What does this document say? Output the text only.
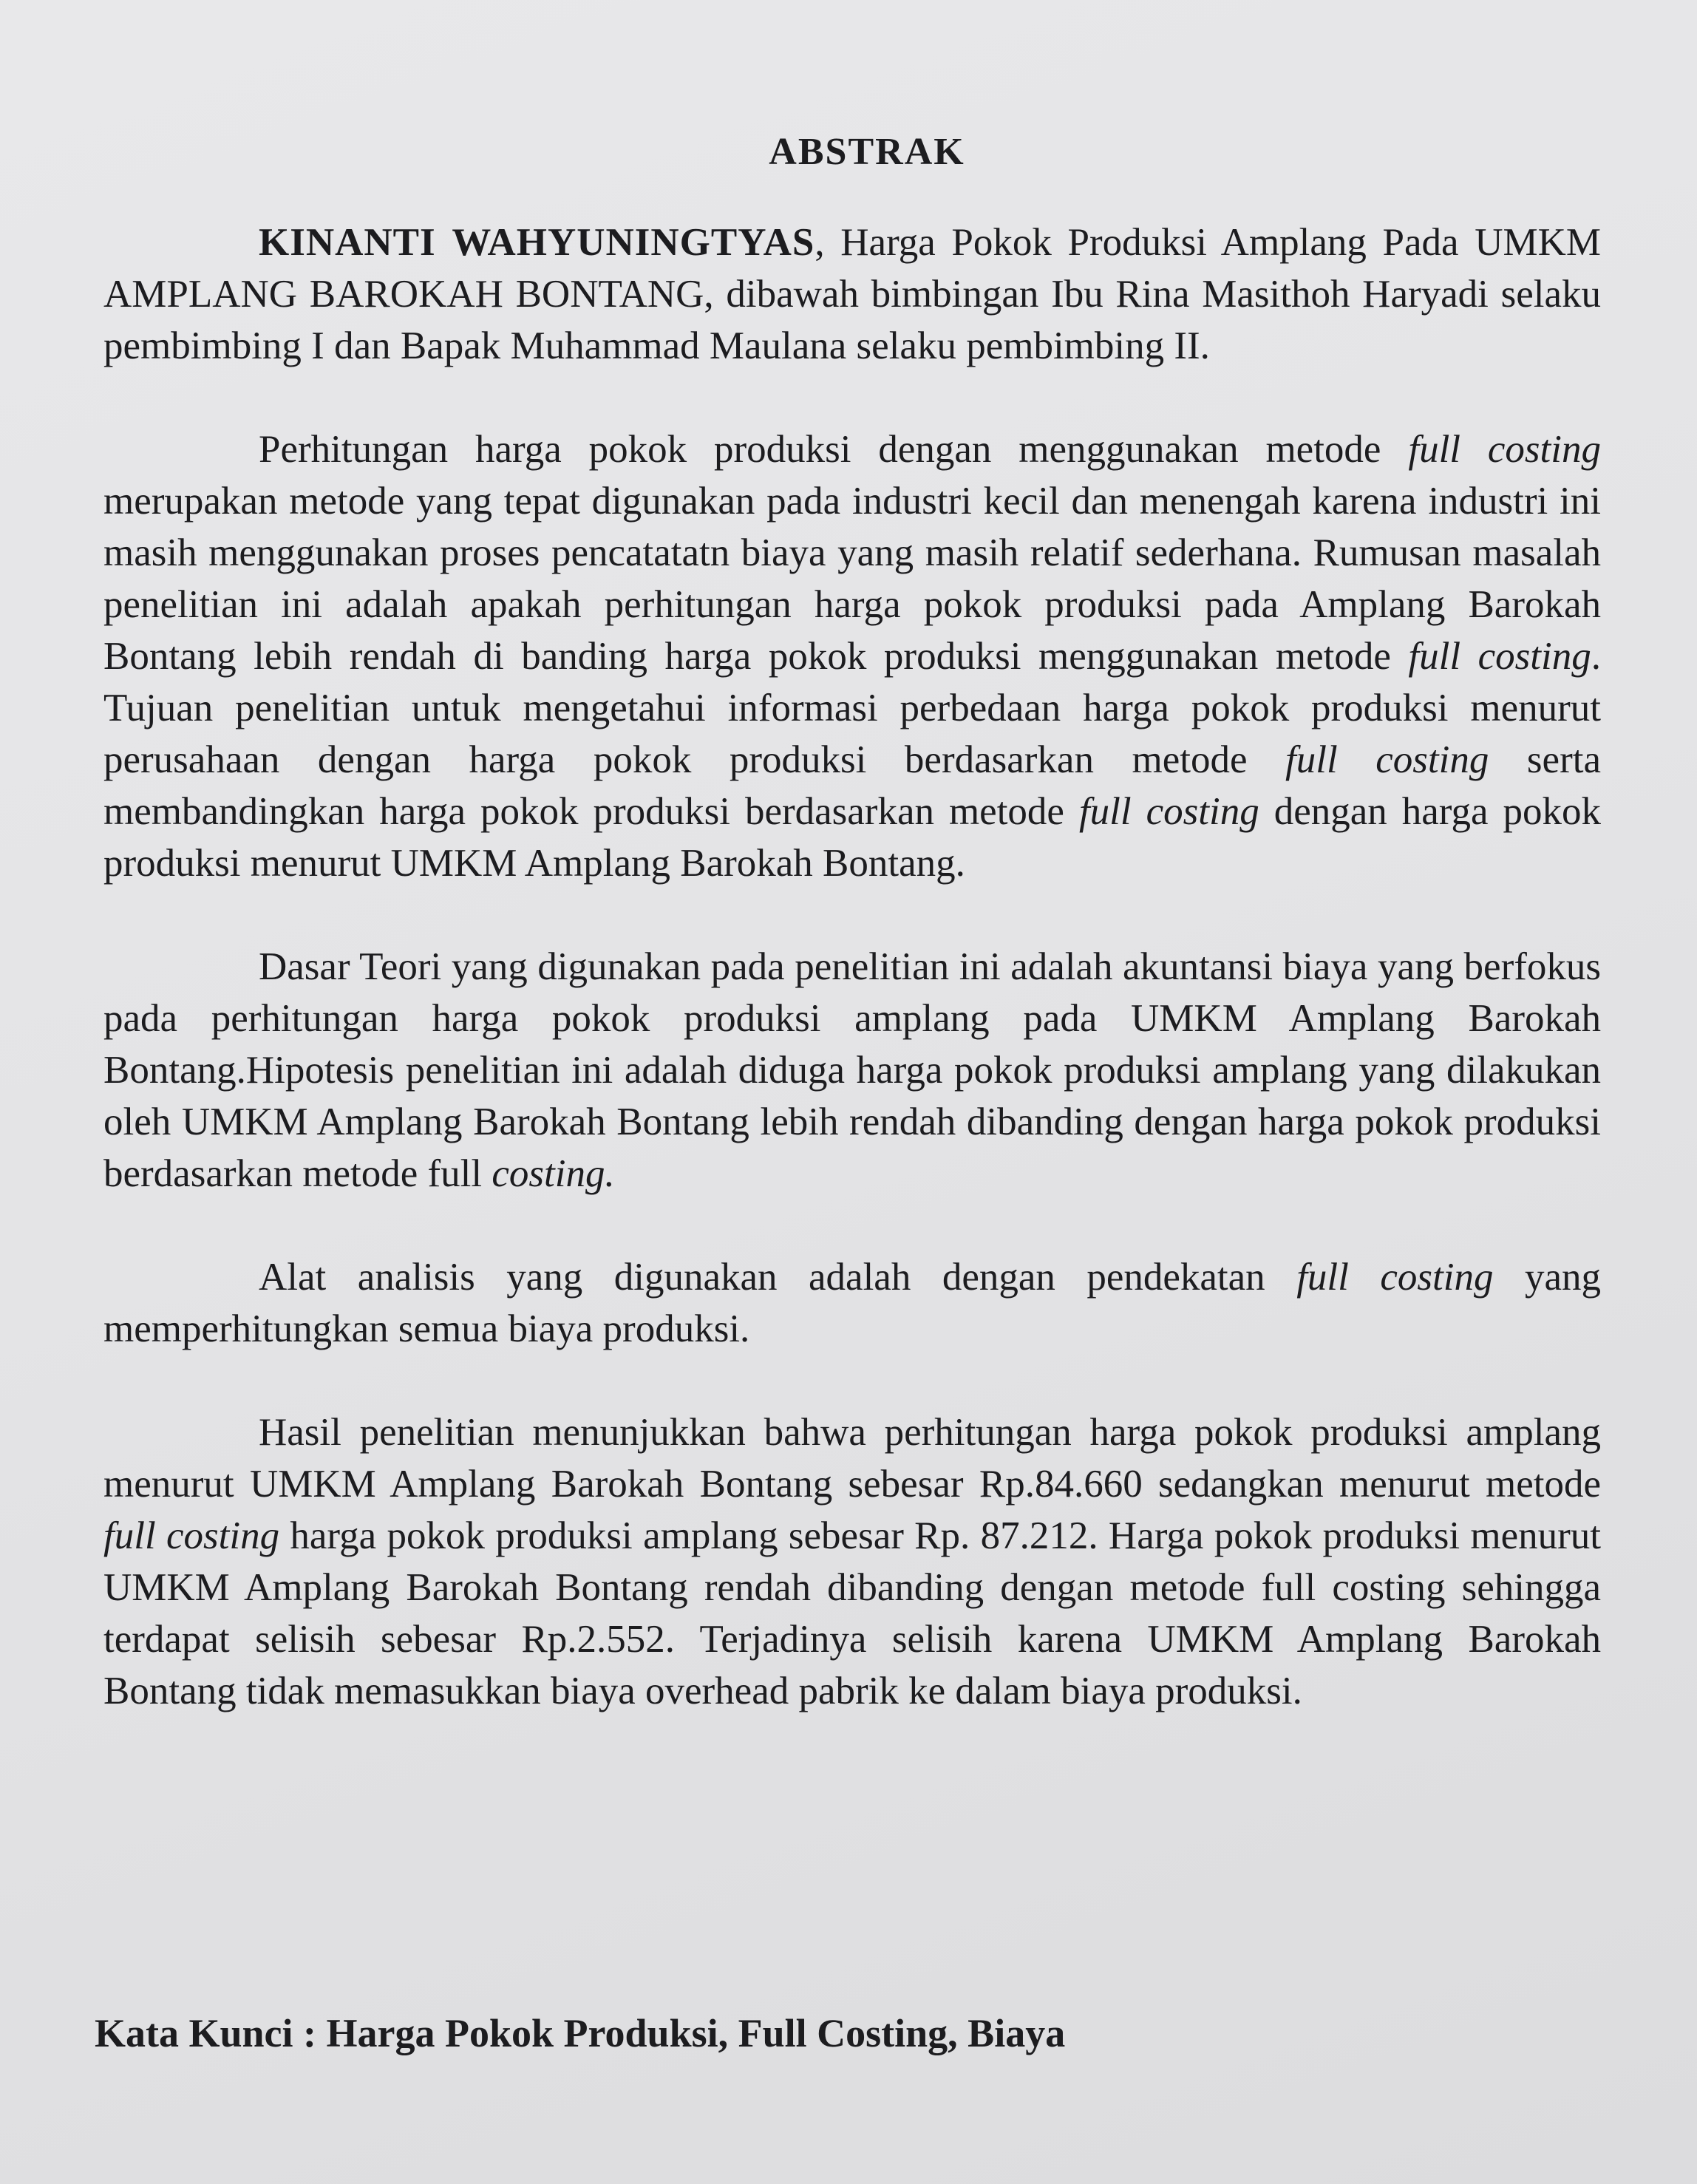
ABSTRAK

KINANTI WAHYUNINGTYAS, Harga Pokok Produksi Amplang Pada UMKM AMPLANG BAROKAH BONTANG, dibawah bimbingan Ibu Rina Masithoh Haryadi selaku pembimbing I dan Bapak Muhammad Maulana selaku pembimbing II.

Perhitungan harga pokok produksi dengan menggunakan metode full costing merupakan metode yang tepat digunakan pada industri kecil dan menengah karena industri ini masih menggunakan proses pencatatatn biaya yang masih relatif sederhana. Rumusan masalah penelitian ini adalah apakah perhitungan harga pokok produksi pada Amplang Barokah Bontang lebih rendah di banding harga pokok produksi menggunakan metode full costing. Tujuan penelitian untuk mengetahui informasi perbedaan harga pokok produksi menurut perusahaan dengan harga pokok produksi berdasarkan metode full costing serta membandingkan harga pokok produksi berdasarkan metode full costing dengan harga pokok produksi menurut UMKM Amplang Barokah Bontang.

Dasar Teori yang digunakan pada penelitian ini adalah akuntansi biaya yang berfokus pada perhitungan harga pokok produksi amplang pada UMKM Amplang Barokah Bontang.Hipotesis penelitian ini adalah diduga harga pokok produksi amplang yang dilakukan oleh UMKM Amplang Barokah Bontang lebih rendah dibanding dengan harga pokok produksi berdasarkan metode full costing.

Alat analisis yang digunakan adalah dengan pendekatan full costing yang memperhitungkan semua biaya produksi.

Hasil penelitian menunjukkan bahwa perhitungan harga pokok produksi amplang menurut UMKM Amplang Barokah Bontang sebesar Rp.84.660 sedangkan menurut metode full costing harga pokok produksi amplang sebesar Rp. 87.212. Harga pokok produksi menurut UMKM Amplang Barokah Bontang rendah dibanding dengan metode full costing sehingga terdapat selisih sebesar Rp.2.552. Terjadinya selisih karena UMKM Amplang Barokah Bontang tidak memasukkan biaya overhead pabrik ke dalam biaya produksi.

Kata Kunci : Harga Pokok Produksi, Full Costing, Biaya
